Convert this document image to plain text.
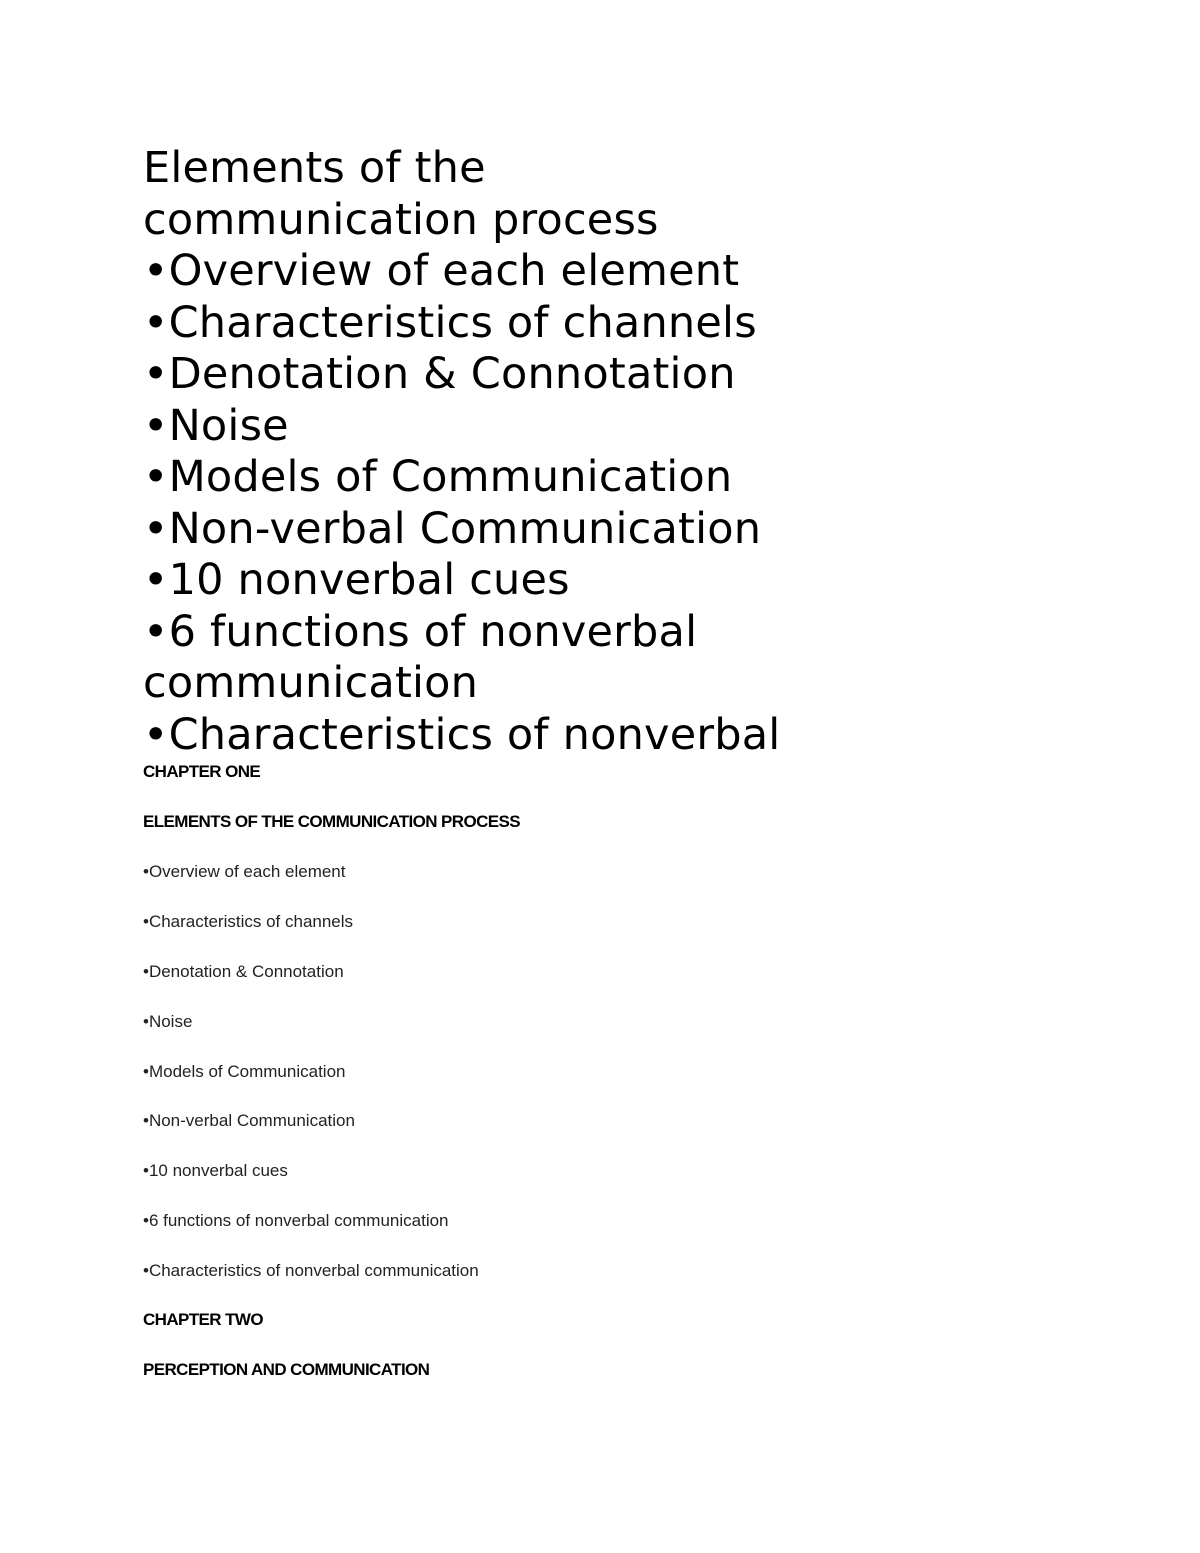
Elements of the
communication process
•Overview of each element
•Characteristics of channels
•Denotation & Connotation
•Noise
•Models of Communication
•Non-verbal Communication
•10 nonverbal cues
•6 functions of nonverbal
communication
•Characteristics of nonverbal
CHAPTER ONE
ELEMENTS OF THE COMMUNICATION PROCESS
•Overview of each element
•Characteristics of channels
•Denotation & Connotation
•Noise
•Models of Communication
•Non-verbal Communication
•10 nonverbal cues
•6 functions of nonverbal communication
•Characteristics of nonverbal communication
CHAPTER TWO
PERCEPTION AND COMMUNICATION
